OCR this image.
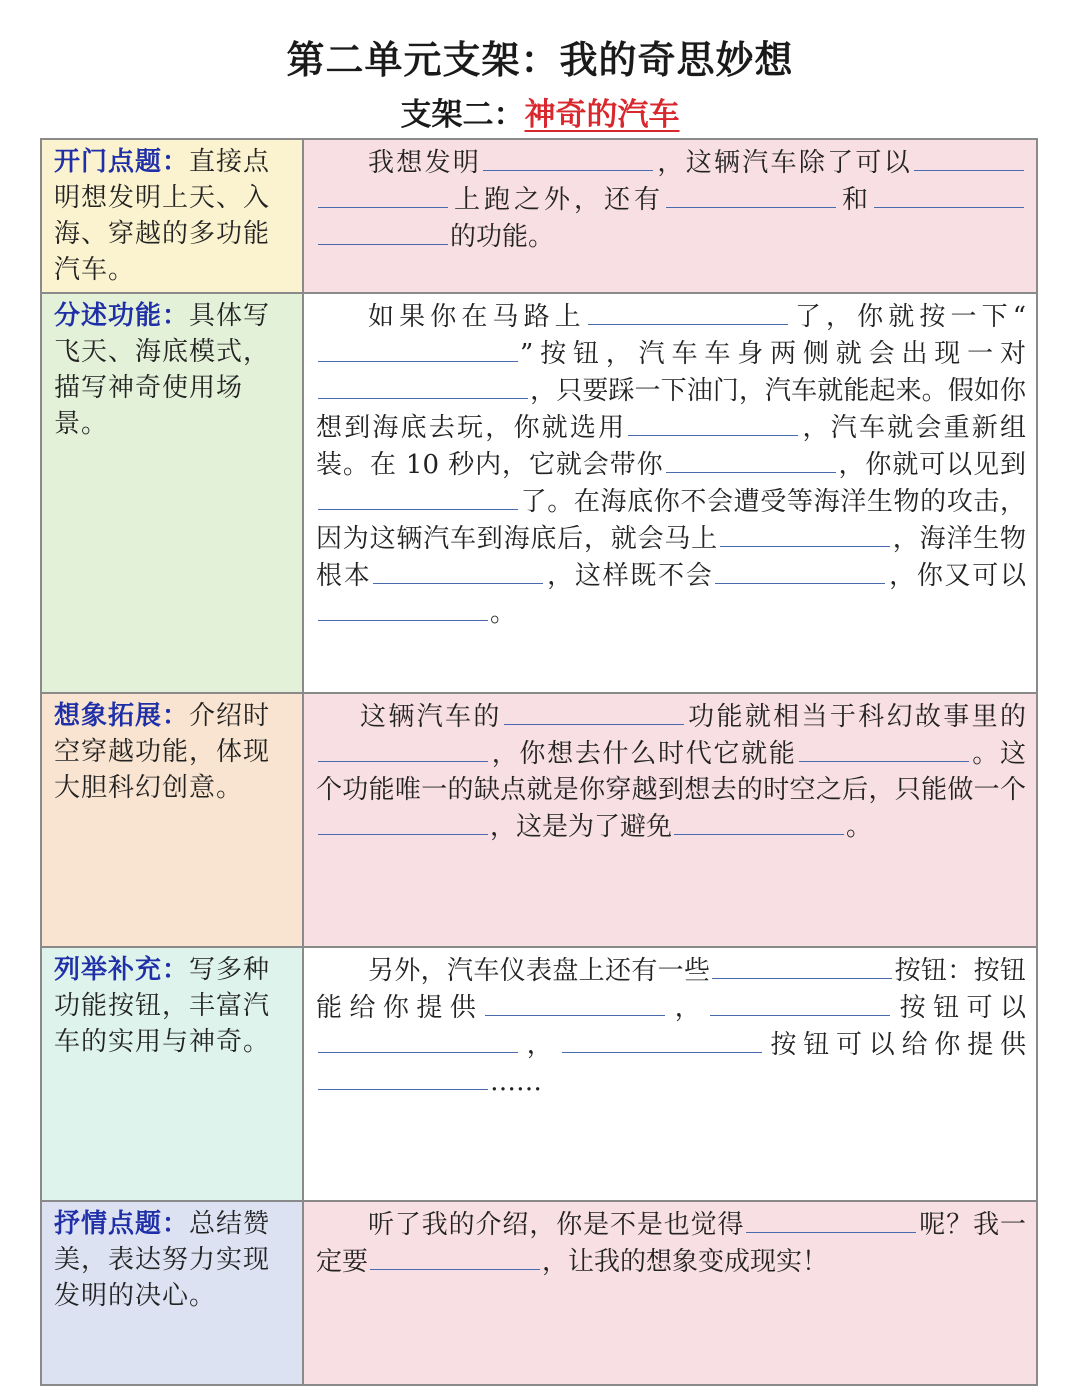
第二单元支架：我的奇思妙想
支架二：神奇的汽车
开门点题：直接点明想发明上天、入海、穿越的多功能汽车。	我想发明 ，这辆汽车除了可以上跑之外，还有 和的功能。

分述功能：具体写飞天、海底模式，描写神奇使用场景。	如果你在马路上 了，你就按一下“”按钮，汽车车身两侧就会出现一对，只要踩一下油门，汽车就能起来。假如你想到海底去玩，你就选用 ，汽车就会重新组装。在 10 秒内，它就会带你 ，你就可以见到了。在海底你不会遭受等海洋生物的攻击，因为这辆汽车到海底后，就会马上 ，海洋生物根本 ，这样既不会 ，你又可以。

想象拓展：介绍时空穿越功能，体现大胆科幻创意。	这辆汽车的 功能就相当于科幻故事里的，你想去什么时代它就能 。这个功能唯一的缺点就是你穿越到想去的时空之后，只能做一个，这是为了避免 。

列举补充：写多种功能按钮，丰富汽车的实用与神奇。	另外，汽车仪表盘上还有一些 按钮：按钮能给你提供 ， 按钮可以， 按钮可以给你提供……

抒情点题：总结赞美，表达努力实现发明的决心。	听了我的介绍，你是不是也觉得 呢？我一定要 ，让我的想象变成现实！
